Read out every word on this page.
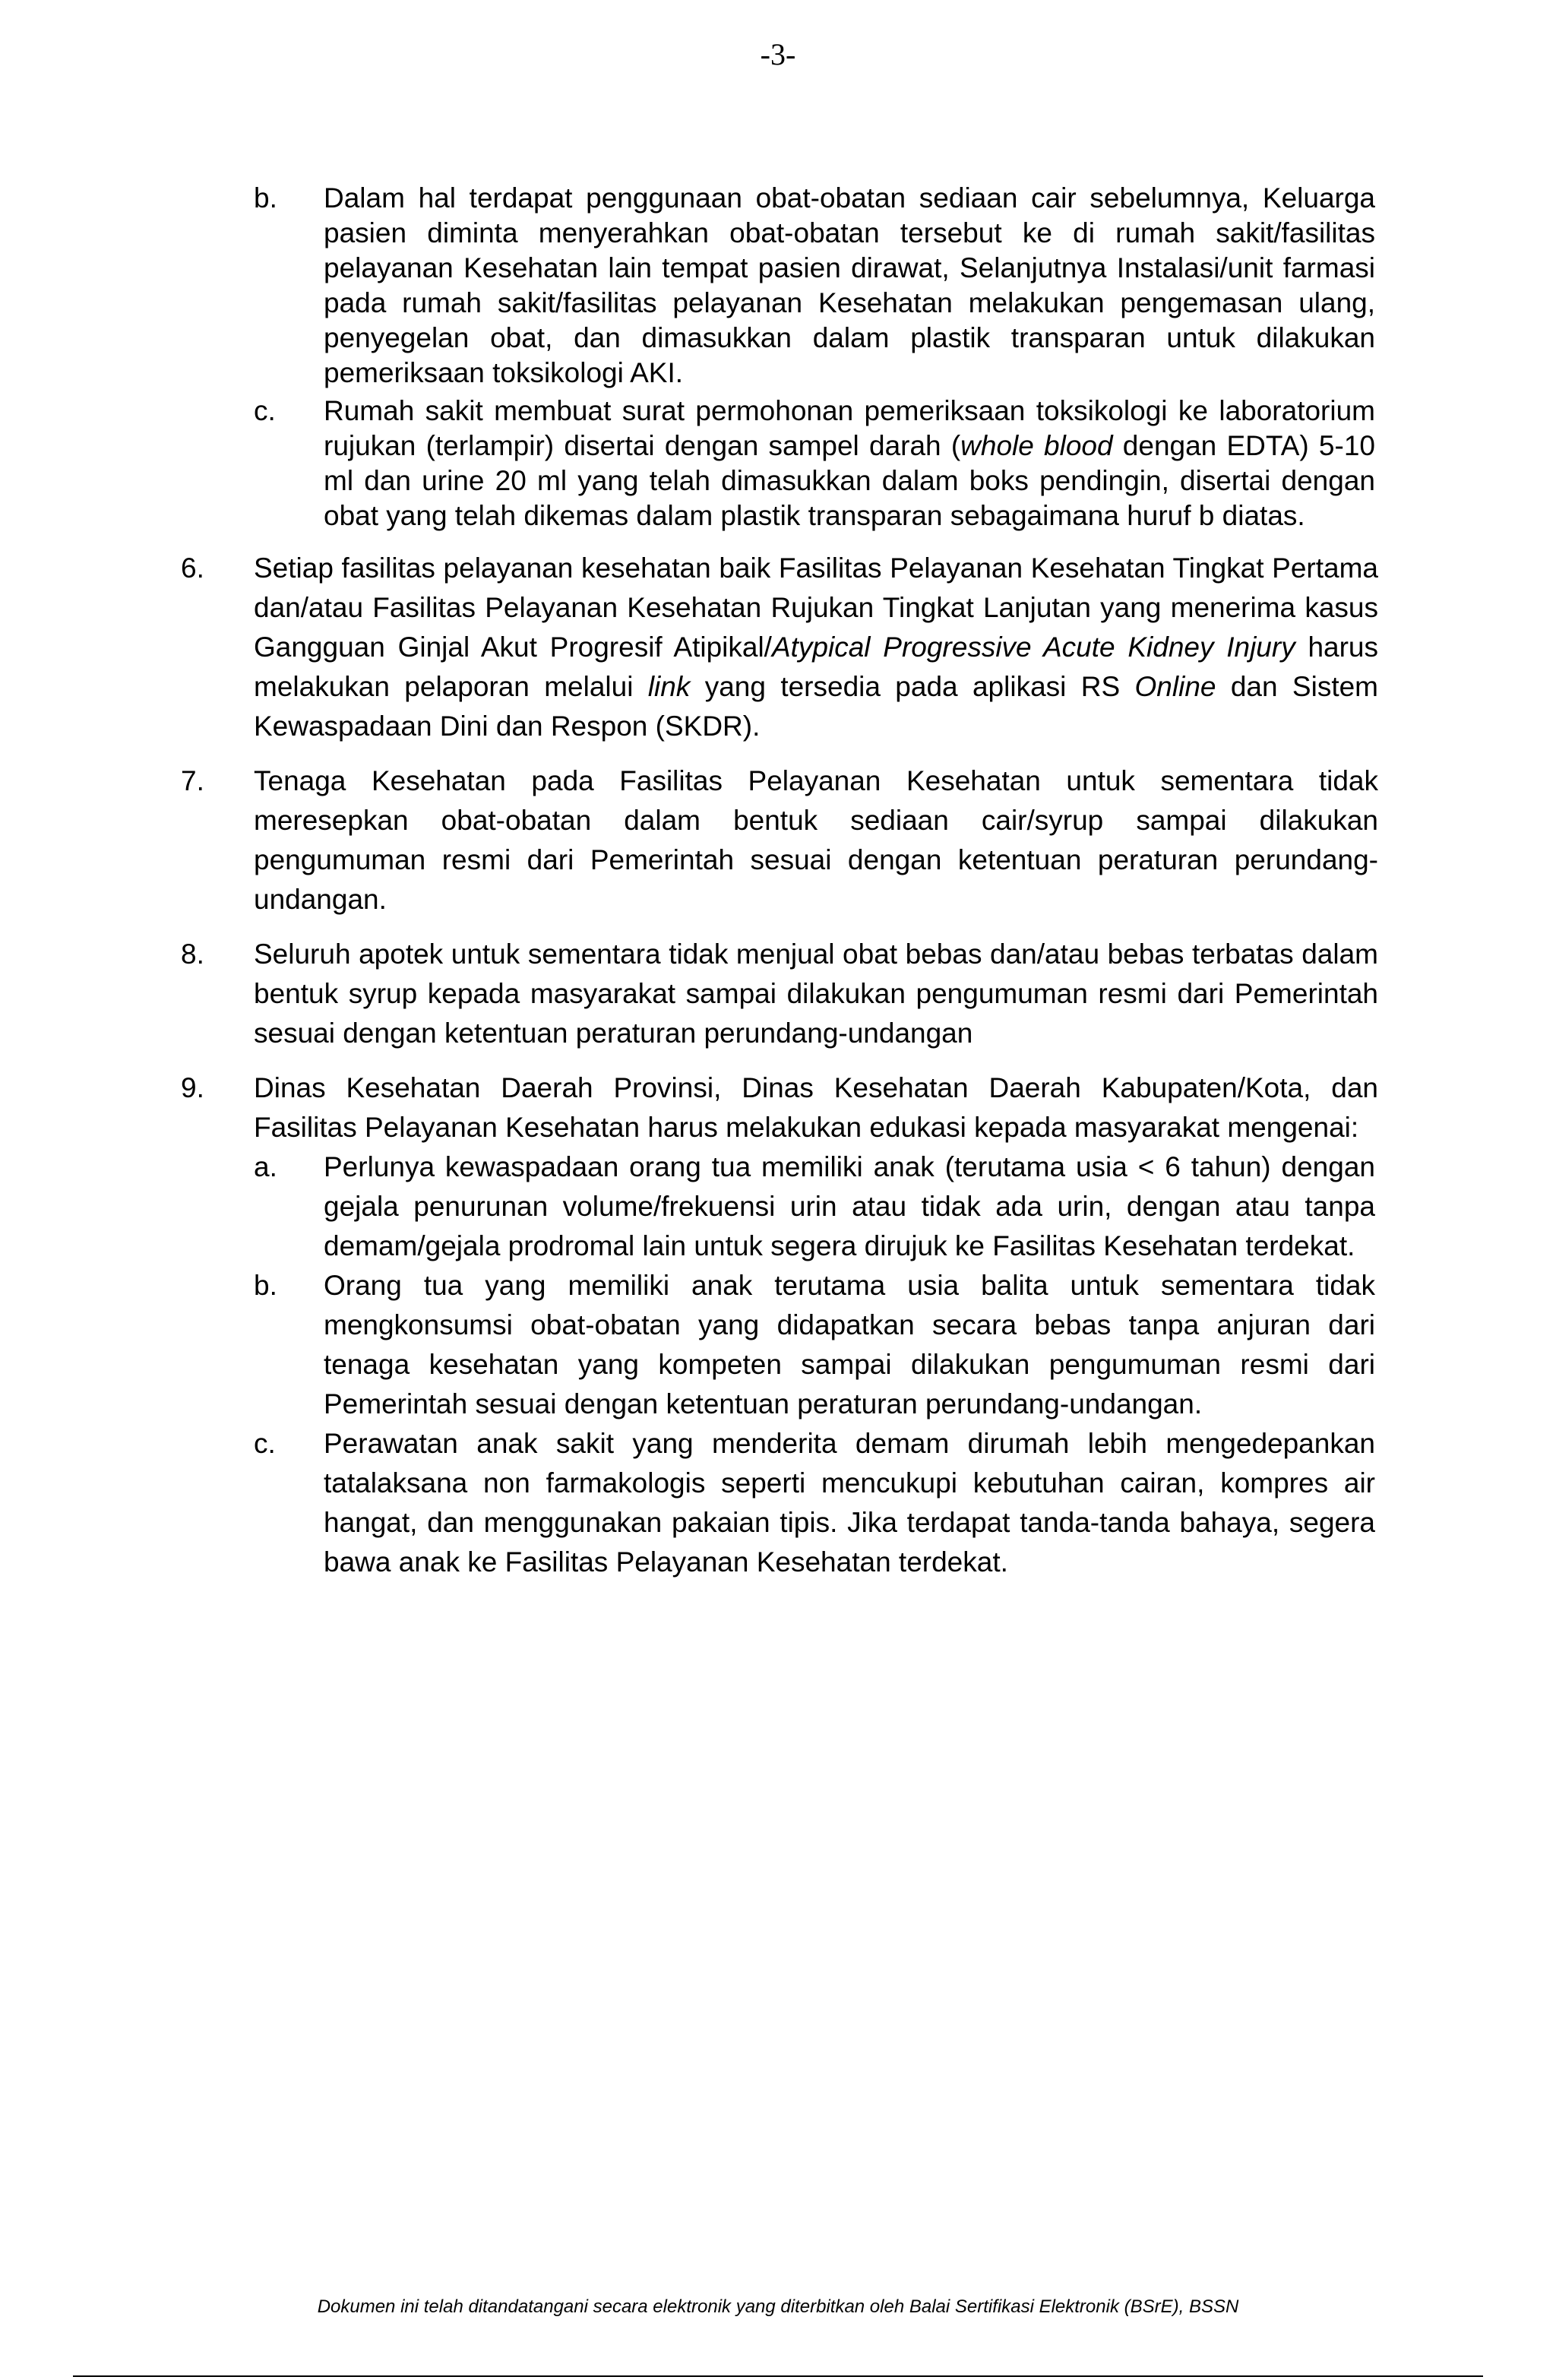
-3-
b.	Dalam hal terdapat penggunaan obat-obatan sediaan cair sebelumnya, Keluarga pasien diminta menyerahkan obat-obatan tersebut ke di rumah sakit/fasilitas pelayanan Kesehatan lain tempat pasien dirawat, Selanjutnya Instalasi/unit farmasi pada rumah sakit/fasilitas pelayanan Kesehatan melakukan pengemasan ulang, penyegelan obat, dan dimasukkan dalam plastik transparan untuk dilakukan pemeriksaan toksikologi AKI.
c.	Rumah sakit membuat surat permohonan pemeriksaan toksikologi ke laboratorium rujukan (terlampir) disertai dengan sampel darah (whole blood dengan EDTA) 5-10 ml dan urine 20 ml yang telah dimasukkan dalam boks pendingin, disertai dengan obat yang telah dikemas dalam plastik transparan sebagaimana huruf b diatas.
6.	Setiap fasilitas pelayanan kesehatan baik Fasilitas Pelayanan Kesehatan Tingkat Pertama dan/atau Fasilitas Pelayanan Kesehatan Rujukan Tingkat Lanjutan yang menerima kasus Gangguan Ginjal Akut Progresif Atipikal/Atypical Progressive Acute Kidney Injury harus melakukan pelaporan melalui link yang tersedia pada aplikasi RS Online dan Sistem Kewaspadaan Dini dan Respon (SKDR).
7.	Tenaga Kesehatan pada Fasilitas Pelayanan Kesehatan untuk sementara tidak meresepkan obat-obatan dalam bentuk sediaan cair/syrup sampai dilakukan pengumuman resmi dari Pemerintah sesuai dengan ketentuan peraturan perundang-undangan.
8.	Seluruh apotek untuk sementara tidak menjual obat bebas dan/atau bebas terbatas dalam bentuk syrup kepada masyarakat sampai dilakukan pengumuman resmi dari Pemerintah sesuai dengan ketentuan peraturan perundang-undangan
9.	Dinas Kesehatan Daerah Provinsi, Dinas Kesehatan Daerah Kabupaten/Kota, dan Fasilitas Pelayanan Kesehatan harus melakukan edukasi kepada masyarakat mengenai:
a.	Perlunya kewaspadaan orang tua memiliki anak (terutama usia < 6 tahun) dengan gejala penurunan volume/frekuensi urin atau tidak ada urin, dengan atau tanpa demam/gejala prodromal lain untuk segera dirujuk ke Fasilitas Kesehatan terdekat.
b.	Orang tua yang memiliki anak terutama usia balita untuk sementara tidak mengkonsumsi obat-obatan yang didapatkan secara bebas tanpa anjuran dari tenaga kesehatan yang kompeten sampai dilakukan pengumuman resmi dari Pemerintah sesuai dengan ketentuan peraturan perundang-undangan.
c.	Perawatan anak sakit yang menderita demam dirumah lebih mengedepankan tatalaksana non farmakologis seperti mencukupi kebutuhan cairan, kompres air hangat, dan menggunakan pakaian tipis. Jika terdapat tanda-tanda bahaya, segera bawa anak ke Fasilitas Pelayanan Kesehatan terdekat.
Dokumen ini telah ditandatangani secara elektronik yang diterbitkan oleh Balai Sertifikasi Elektronik (BSrE), BSSN
